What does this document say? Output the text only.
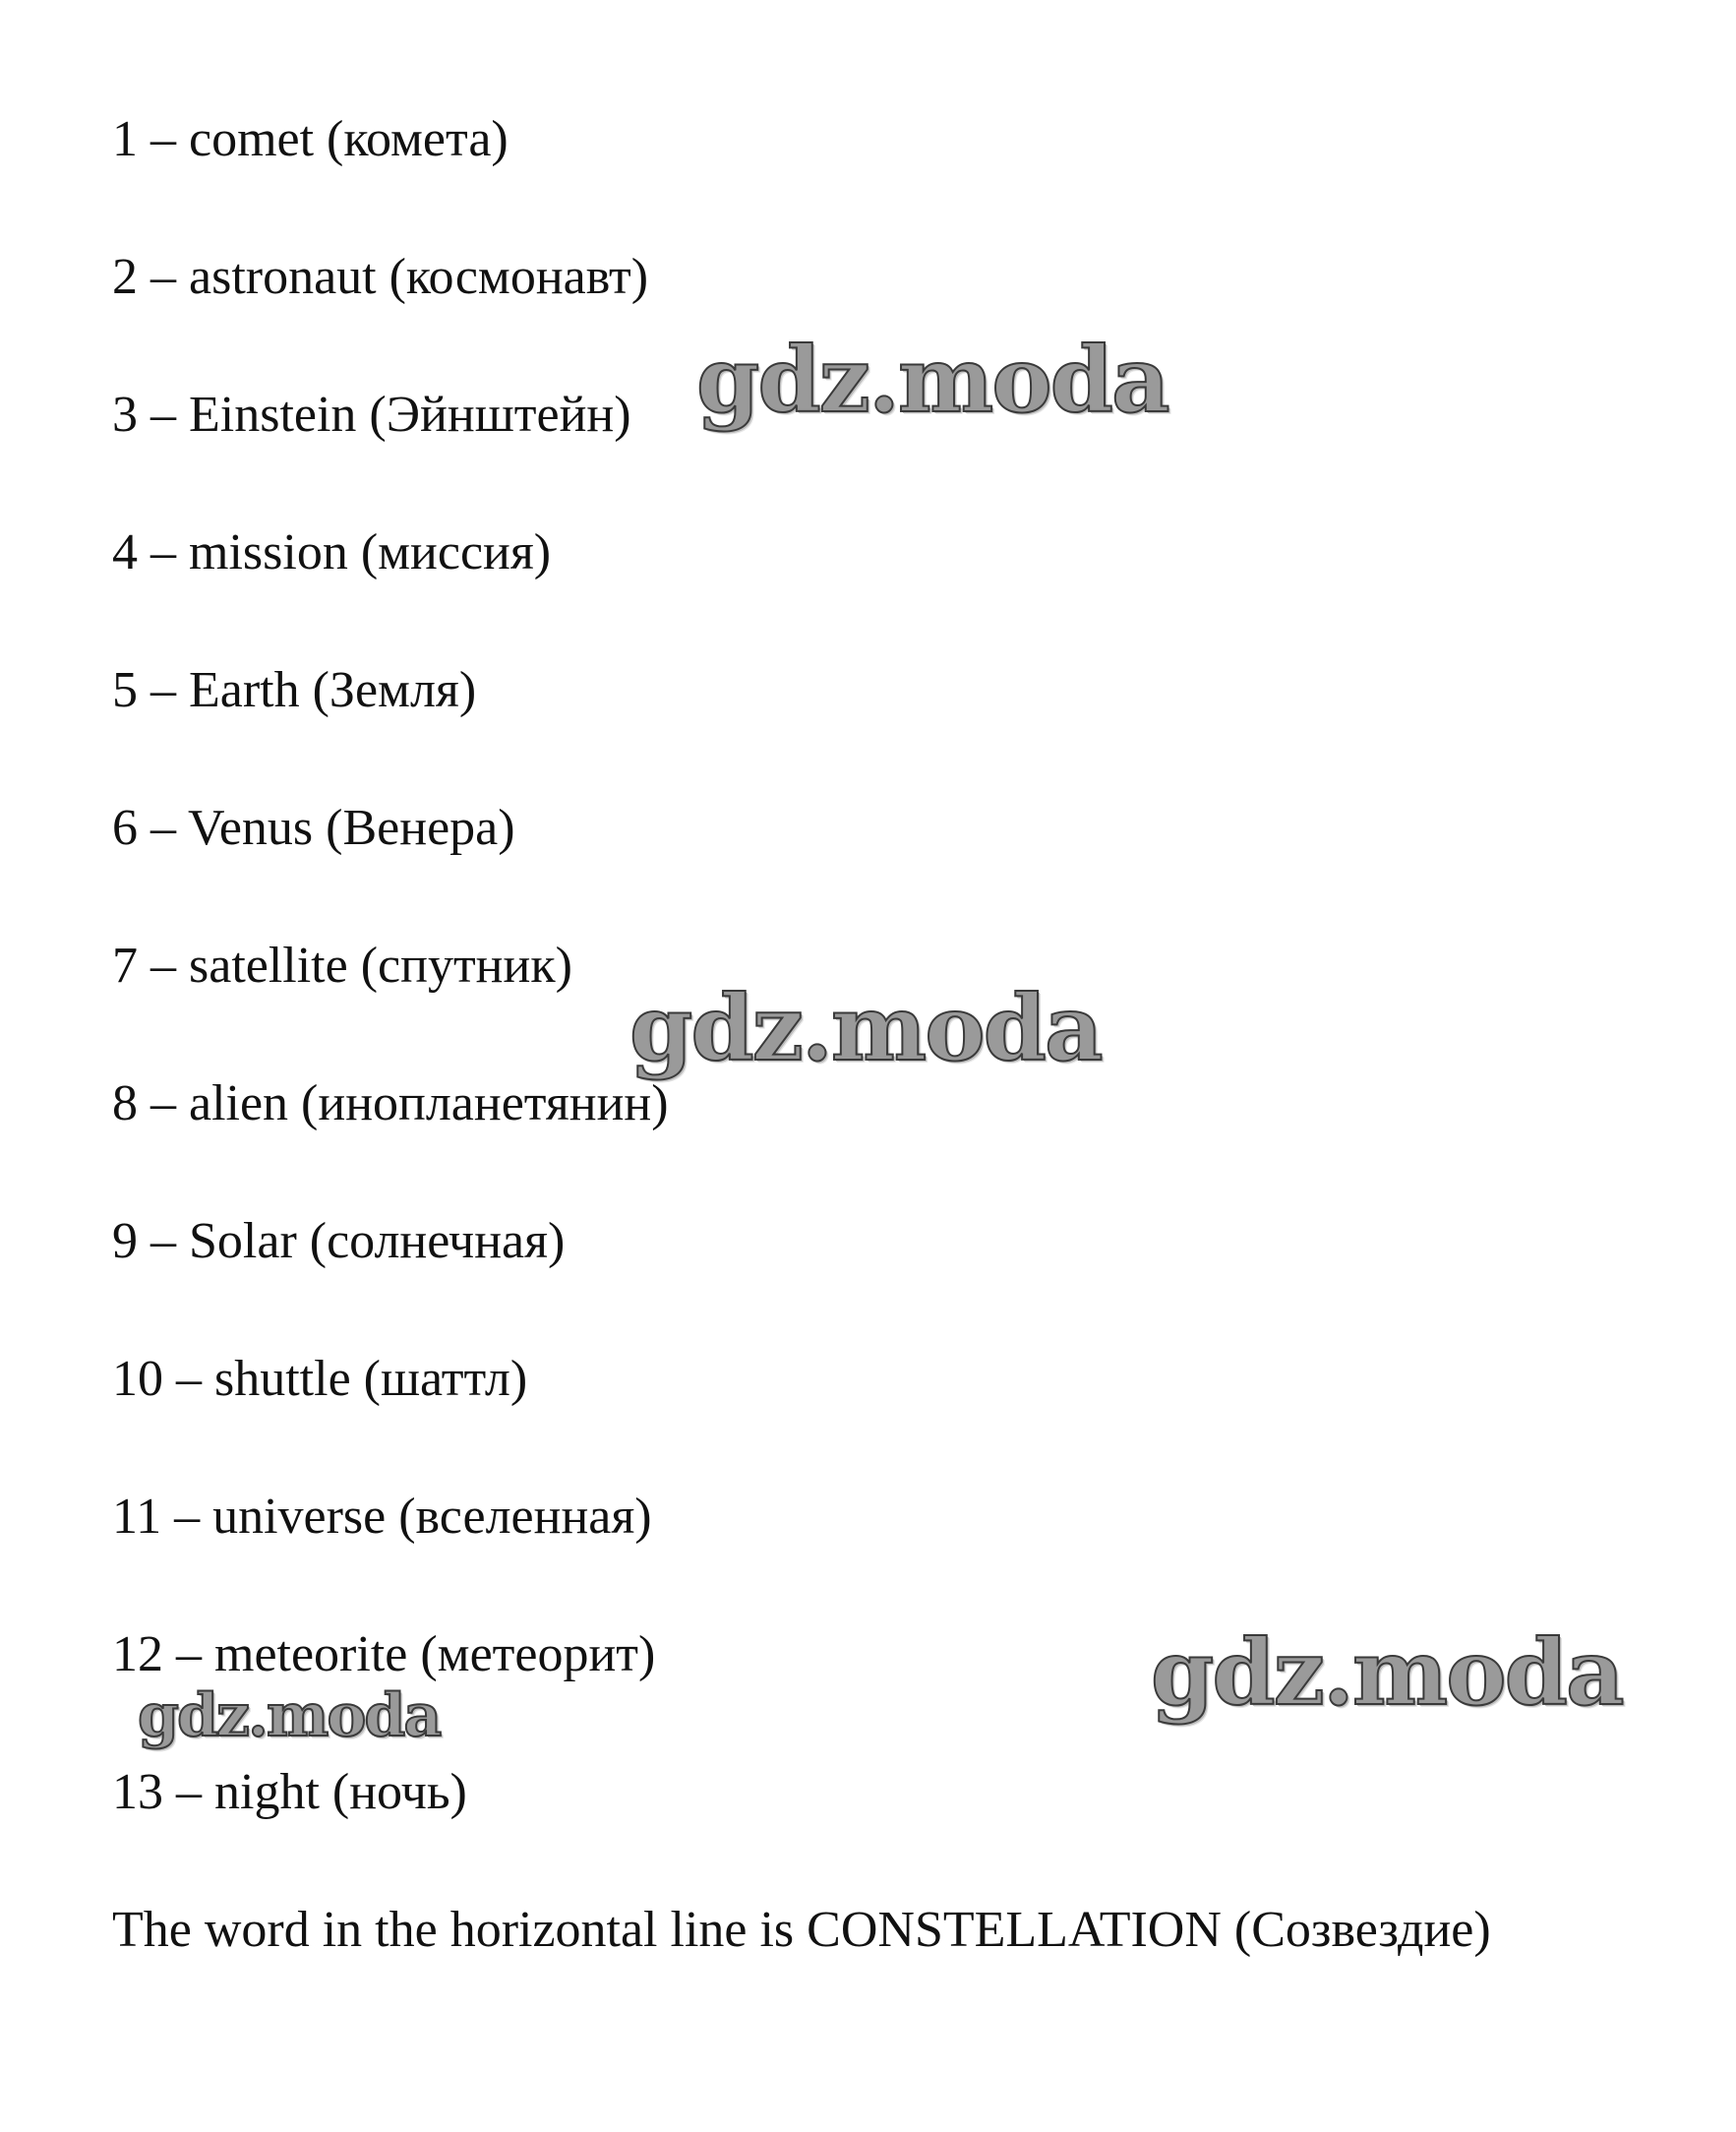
1 – comet (комета)
2 – astronaut (космонавт)
3 – Einstein (Эйнштейн)
4 – mission (миссия)
5 – Earth (Земля)
6 – Venus (Венера)
7 – satellite (спутник)
8 – alien (инопланетянин)
9 – Solar (солнечная)
10 – shuttle (шаттл)
11 – universe (вселенная)
12 – meteorite (метеорит)
13 – night (ночь)
The word in the horizontal line is CONSTELLATION (Созвездие)
gdz.moda
gdz.moda
gdz.moda
gdz.moda
